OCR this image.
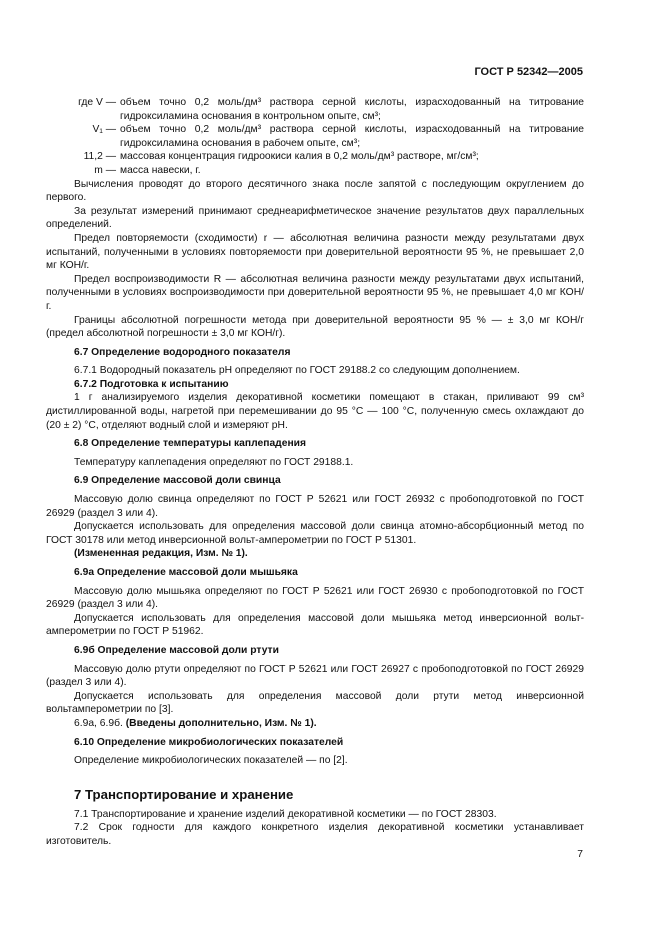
ГОСТ Р 52342—2005
где V —	объем точно 0,2 моль/дм³ раствора серной кислоты, израсходованный на титрование гидроксиламина основания в контрольном опыте, см³;
V₁ —	объем точно 0,2 моль/дм³ раствора серной кислоты, израсходованный на титрование гидроксиламина основания в рабочем опыте, см³;
11,2 —	массовая концентрация гидроокиси калия в 0,2 моль/дм³ растворе, мг/см³;
m —	масса навески, г.

Вычисления проводят до второго десятичного знака после запятой с последующим округлением до первого.

За результат измерений принимают среднеарифметическое значение результатов двух параллельных определений.

Предел повторяемости (сходимости) r — абсолютная величина разности между результатами двух испытаний, полученными в условиях повторяемости при доверительной вероятности 95 %, не превышает 2,0 мг КОН/г.

Предел воспроизводимости R — абсолютная величина разности между результатами двух испытаний, полученными в условиях воспроизводимости при доверительной вероятности 95 %, не превышает 4,0 мг КОН/г.

Границы абсолютной погрешности метода при доверительной вероятности 95 % — ± 3,0 мг КОН/г (предел абсолютной погрешности ± 3,0 мг КОН/г).

6.7 Определение водородного показателя

6.7.1 Водородный показатель pH определяют по ГОСТ 29188.2 со следующим дополнением.

6.7.2 Подготовка к испытанию

1 г анализируемого изделия декоративной косметики помещают в стакан, приливают 99 см³ дистиллированной воды, нагретой при перемешивании до 95 °С — 100 °С, полученную смесь охлаждают до (20 ± 2) °С, отделяют водный слой и измеряют pH.

6.8 Определение температуры каплепадения

Температуру каплепадения определяют по ГОСТ 29188.1.

6.9 Определение массовой доли свинца

Массовую долю свинца определяют по ГОСТ Р 52621 или ГОСТ 26932 с пробоподготовкой по ГОСТ 26929 (раздел 3 или 4).

Допускается использовать для определения массовой доли свинца атомно-абсорбционный метод по ГОСТ 30178 или метод инверсионной вольт-амперометрии по ГОСТ Р 51301.

(Измененная редакция, Изм. № 1).

6.9а Определение массовой доли мышьяка

Массовую долю мышьяка определяют по ГОСТ Р 52621 или ГОСТ 26930 с пробоподготовкой по ГОСТ 26929 (раздел 3 или 4).

Допускается использовать для определения массовой доли мышьяка метод инверсионной вольт-амперометрии по ГОСТ Р 51962.

6.9б Определение массовой доли ртути

Массовую долю ртути определяют по ГОСТ Р 52621 или ГОСТ 26927 с пробоподготовкой по ГОСТ 26929 (раздел 3 или 4).

Допускается использовать для определения массовой доли ртути метод инверсионной вольтамперометрии по [3].

6.9а, 6.9б. (Введены дополнительно, Изм. № 1).

6.10 Определение микробиологических показателей

Определение микробиологических показателей — по [2].

7 Транспортирование и хранение

7.1 Транспортирование и хранение изделий декоративной косметики — по ГОСТ 28303.

7.2 Срок годности для каждого конкретного изделия декоративной косметики устанавливает изготовитель.

7
